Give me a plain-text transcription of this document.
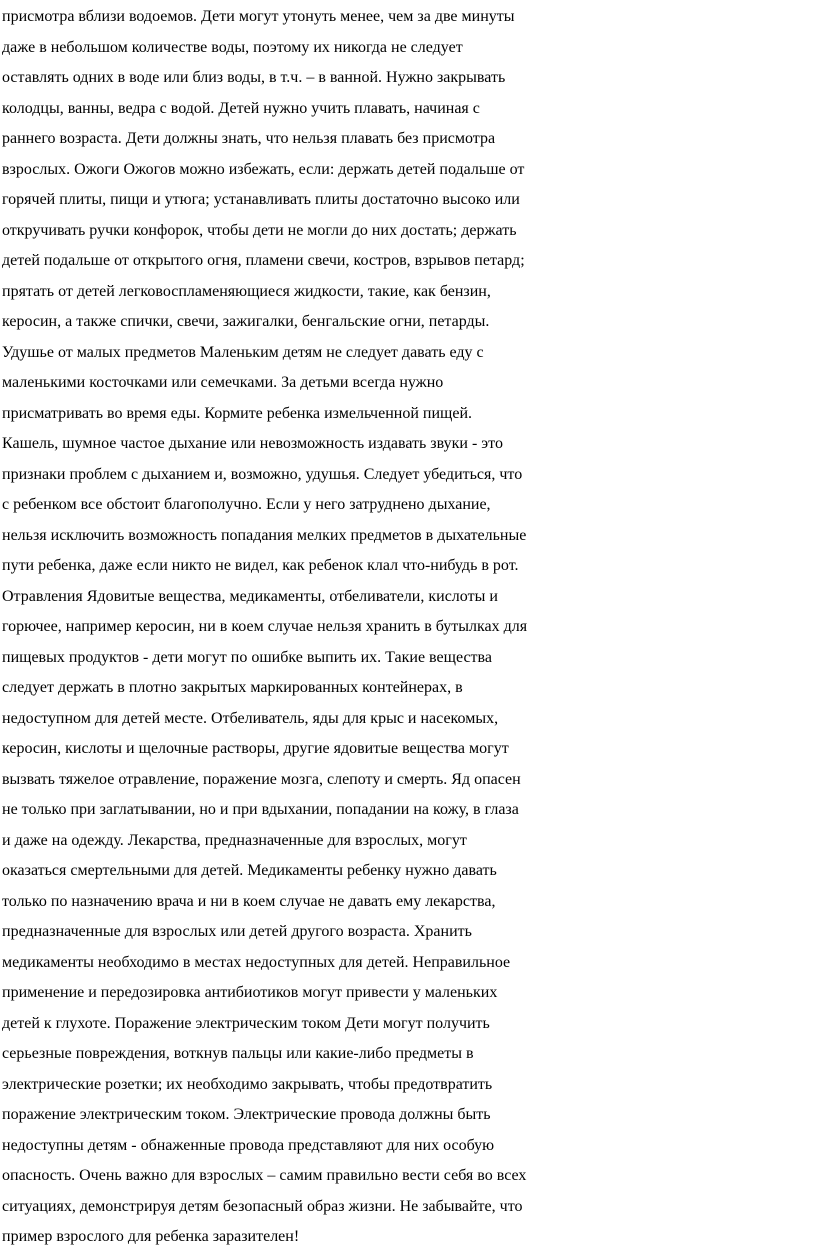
присмотра вблизи водоемов. Дети могут утонуть менее, чем за две минуты
даже в небольшом количестве воды, поэтому их никогда не следует
оставлять одних в воде или близ воды, в т.ч. – в ванной. Нужно закрывать
колодцы, ванны, ведра с водой. Детей нужно учить плавать, начиная с
раннего возраста. Дети должны знать, что нельзя плавать без присмотра
взрослых. Ожоги Ожогов можно избежать, если: держать детей подальше от
горячей плиты, пищи и утюга; устанавливать плиты достаточно высоко или
откручивать ручки конфорок, чтобы дети не могли до них достать; держать
детей подальше от открытого огня, пламени свечи, костров, взрывов петард;
прятать от детей легковоспламеняющиеся жидкости, такие, как бензин,
керосин, а также спички, свечи, зажигалки, бенгальские огни, петарды.
Удушье от малых предметов Маленьким детям не следует давать еду с
маленькими косточками или семечками. За детьми всегда нужно
присматривать во время еды. Кормите ребенка измельченной пищей.
Кашель, шумное частое дыхание или невозможность издавать звуки - это
признаки проблем с дыханием и, возможно, удушья. Следует убедиться, что
с ребенком все обстоит благополучно. Если у него затруднено дыхание,
нельзя исключить возможность попадания мелких предметов в дыхательные
пути ребенка, даже если никто не видел, как ребенок клал что-нибудь в рот.
Отравления Ядовитые вещества, медикаменты, отбеливатели, кислоты и
горючее, например керосин, ни в коем случае нельзя хранить в бутылках для
пищевых продуктов - дети могут по ошибке выпить их. Такие вещества
следует держать в плотно закрытых маркированных контейнерах, в
недоступном для детей месте. Отбеливатель, яды для крыс и насекомых,
керосин, кислоты и щелочные растворы, другие ядовитые вещества могут
вызвать тяжелое отравление, поражение мозга, слепоту и смерть. Яд опасен
не только при заглатывании, но и при вдыхании, попадании на кожу, в глаза
и даже на одежду. Лекарства, предназначенные для взрослых, могут
оказаться смертельными для детей. Медикаменты ребенку нужно давать
только по назначению врача и ни в коем случае не давать ему лекарства,
предназначенные для взрослых или детей другого возраста. Хранить
медикаменты необходимо в местах недоступных для детей. Неправильное
применение и передозировка антибиотиков могут привести у маленьких
детей к глухоте. Поражение электрическим током Дети могут получить
серьезные повреждения, воткнув пальцы или какие-либо предметы в
электрические розетки; их необходимо закрывать, чтобы предотвратить
поражение электрическим током. Электрические провода должны быть
недоступны детям - обнаженные провода представляют для них особую
опасность. Очень важно для взрослых – самим правильно вести себя во всех
ситуациях, демонстрируя детям безопасный образ жизни. Не забывайте, что
пример взрослого для ребенка заразителен!
